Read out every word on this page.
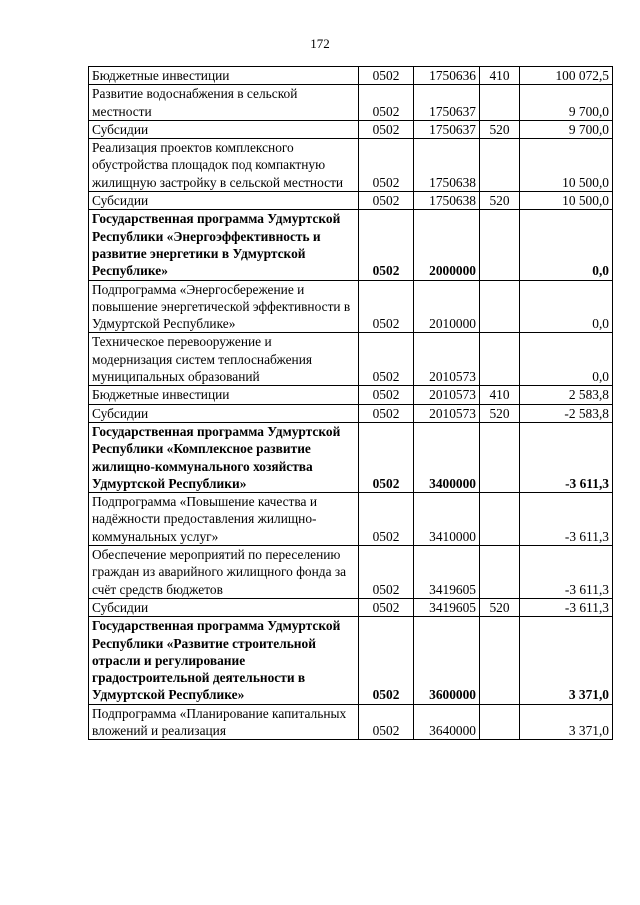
172
Бюджетные инвестиции	0502	1750636	410	100 072,5
Развитие водоснабжения в сельской местности	0502	1750637		9 700,0
Субсидии	0502	1750637	520	9 700,0
Реализация проектов комплексного обустройства площадок под компактную жилищную застройку в сельской местности	0502	1750638		10 500,0
Субсидии	0502	1750638	520	10 500,0
Государственная программа Удмуртской Республики «Энергоэффективность и развитие энергетики в Удмуртской Республике»	0502	2000000		0,0
Подпрограмма «Энергосбережение и повышение энергетической эффективности в Удмуртской Республике»	0502	2010000		0,0
Техническое перевооружение и модернизация систем теплоснабжения муниципальных образований	0502	2010573		0,0
Бюджетные инвестиции	0502	2010573	410	2 583,8
Субсидии	0502	2010573	520	-2 583,8
Государственная программа Удмуртской Республики «Комплексное развитие жилищно-коммунального хозяйства Удмуртской Республики»	0502	3400000		-3 611,3
Подпрограмма «Повышение качества и надёжности предоставления жилищно-коммунальных услуг»	0502	3410000		-3 611,3
Обеспечение мероприятий по переселению граждан из аварийного жилищного фонда за счёт средств бюджетов	0502	3419605		-3 611,3
Субсидии	0502	3419605	520	-3 611,3
Государственная программа Удмуртской Республики «Развитие строительной отрасли и регулирование градостроительной деятельности в Удмуртской Республике»	0502	3600000		3 371,0
Подпрограмма «Планирование капитальных вложений и реализация	0502	3640000		3 371,0
